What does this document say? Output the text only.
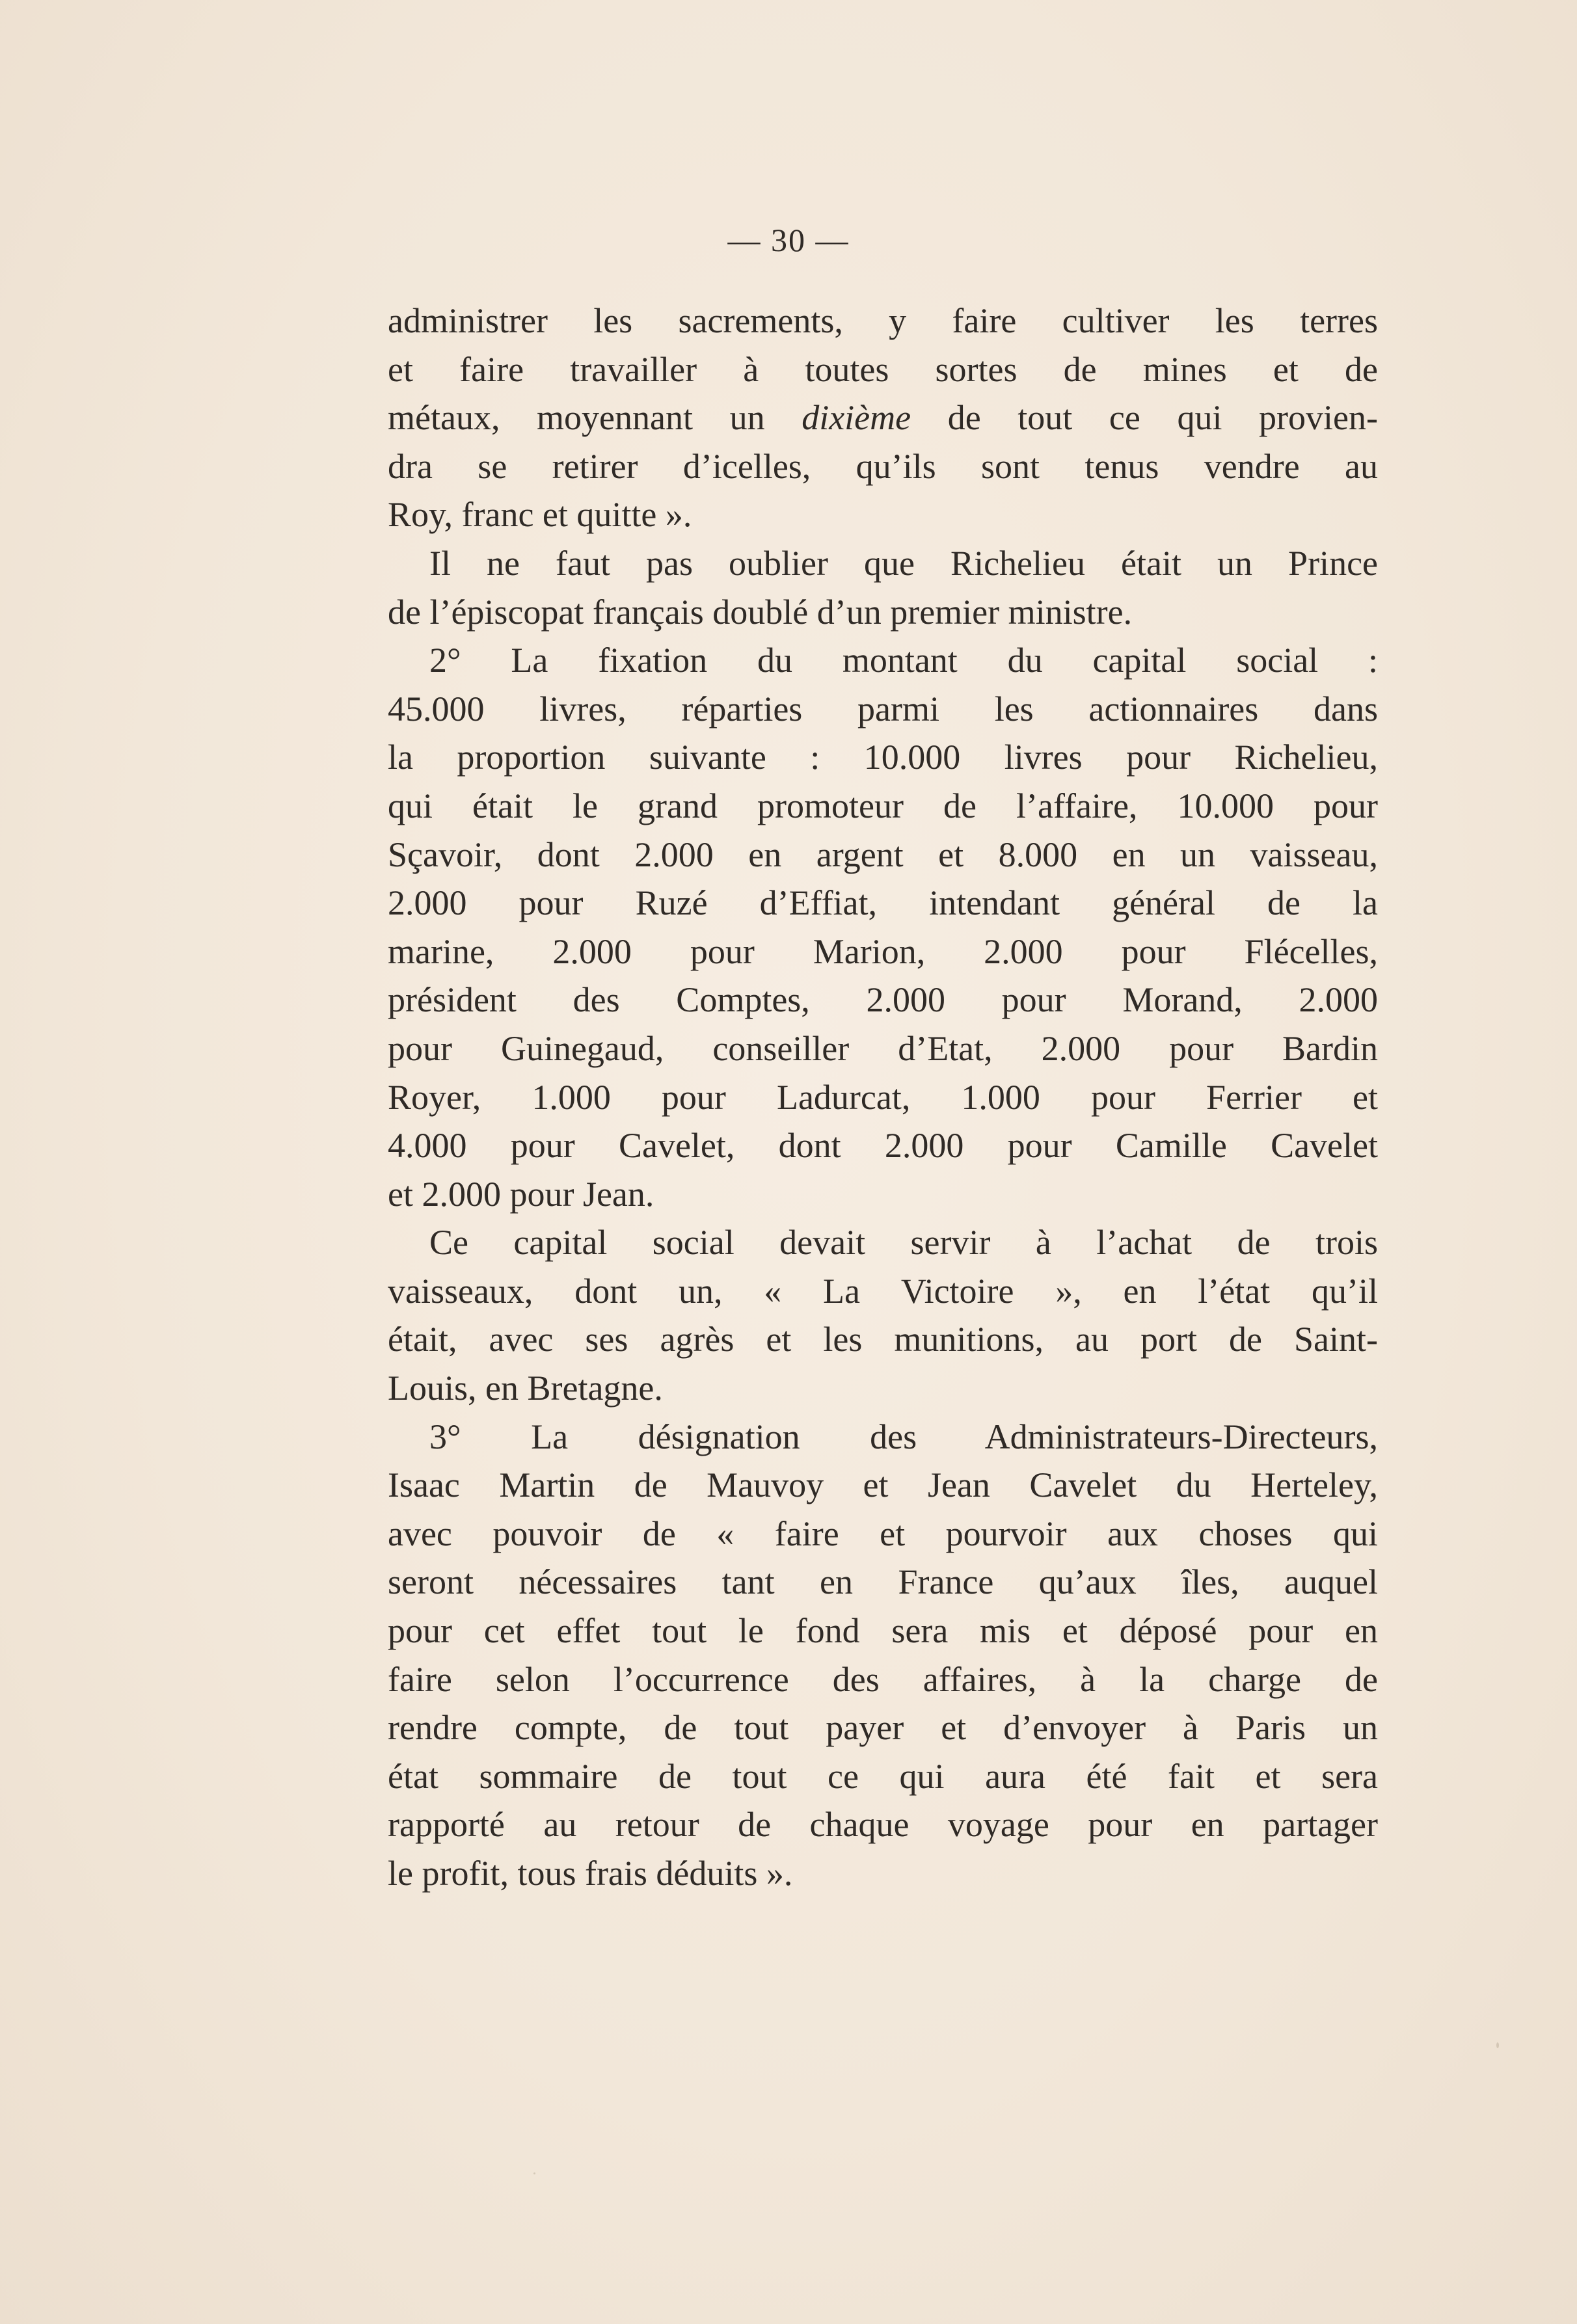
— 30 —
administrer les sacrements, y faire cultiver les terres
et faire travailler à toutes sortes de mines et de
métaux, moyennant un dixième de tout ce qui provien-
dra se retirer d’icelles, qu’ils sont tenus vendre au
Roy, franc et quitte ».
Il ne faut pas oublier que Richelieu était un Prince
de l’épiscopat français doublé d’un premier ministre.
2° La fixation du montant du capital social :
45.000 livres, réparties parmi les actionnaires dans
la proportion suivante : 10.000 livres pour Richelieu,
qui était le grand promoteur de l’affaire, 10.000 pour
Sçavoir, dont 2.000 en argent et 8.000 en un vaisseau,
2.000 pour Ruzé d’Effiat, intendant général de la
marine, 2.000 pour Marion, 2.000 pour Flécelles,
président des Comptes, 2.000 pour Morand, 2.000
pour Guinegaud, conseiller d’Etat, 2.000 pour Bardin
Royer, 1.000 pour Ladurcat, 1.000 pour Ferrier et
4.000 pour Cavelet, dont 2.000 pour Camille Cavelet
et 2.000 pour Jean.
Ce capital social devait servir à l’achat de trois
vaisseaux, dont un, « La Victoire », en l’état qu’il
était, avec ses agrès et les munitions, au port de Saint-
Louis, en Bretagne.
3° La désignation des Administrateurs-Directeurs,
Isaac Martin de Mauvoy et Jean Cavelet du Herteley,
avec pouvoir de « faire et pourvoir aux choses qui
seront nécessaires tant en France qu’aux îles, auquel
pour cet effet tout le fond sera mis et déposé pour en
faire selon l’occurrence des affaires, à la charge de
rendre compte, de tout payer et d’envoyer à Paris un
état sommaire de tout ce qui aura été fait et sera
rapporté au retour de chaque voyage pour en partager
le profit, tous frais déduits ».
